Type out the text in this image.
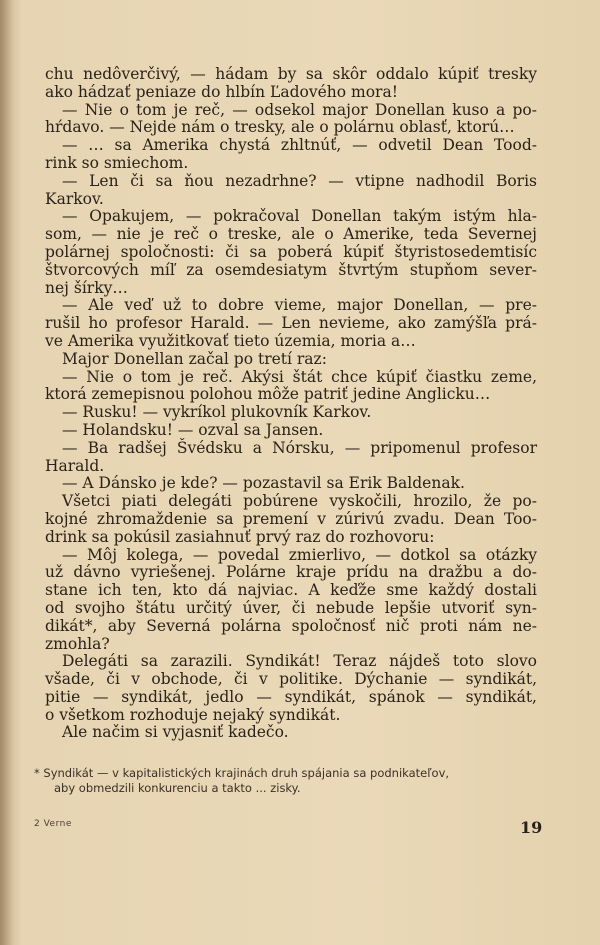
chu nedôverčivý, — hádam by sa skôr oddalo kúpiť tresky
ako hádzať peniaze do hlbín Ľadového mora!
— Nie o tom je reč, — odsekol major Donellan kuso a po-
hŕdavo. — Nejde nám o tresky, ale o polárnu oblasť, ktorú…
— … sa Amerika chystá zhltnúť, — odvetil Dean Tood-
rink so smiechom.
— Len či sa ňou nezadrhne? — vtipne nadhodil Boris
Karkov.
— Opakujem, — pokračoval Donellan takým istým hla-
som, — nie je reč o treske, ale o Amerike, teda Severnej
polárnej spoločnosti: či sa poberá kúpiť štyristosedemtisíc
štvorcových míľ za osemdesiatym štvrtým stupňom sever-
nej šírky…
— Ale veď už to dobre vieme, major Donellan, — pre-
rušil ho profesor Harald. — Len nevieme, ako zamýšľa prá-
ve Amerika využitkovať tieto územia, moria a…
Major Donellan začal po tretí raz:
— Nie o tom je reč. Akýsi štát chce kúpiť čiastku zeme,
ktorá zemepisnou polohou môže patriť jedine Anglicku…
— Rusku! — vykríkol plukovník Karkov.
— Holandsku! — ozval sa Jansen.
— Ba radšej Švédsku a Nórsku, — pripomenul profesor
Harald.
— A Dánsko je kde? — pozastavil sa Erik Baldenak.
Všetci piati delegáti pobúrene vyskočili, hrozilo, že po-
kojné zhromaždenie sa premení v zúrivú zvadu. Dean Too-
drink sa pokúsil zasiahnuť prvý raz do rozhovoru:
— Môj kolega, — povedal zmierlivo, — dotkol sa otázky
už dávno vyriešenej. Polárne kraje prídu na dražbu a do-
stane ich ten, kto dá najviac. A keďže sme každý dostali
od svojho štátu určitý úver, či nebude lepšie utvoriť syn-
dikát*, aby Severná polárna spoločnosť nič proti nám ne-
zmohla?
Delegáti sa zarazili. Syndikát! Teraz nájdeš toto slovo
všade, či v obchode, či v politike. Dýchanie — syndikát,
pitie — syndikát, jedlo — syndikát, spánok — syndikát,
o všetkom rozhoduje nejaký syndikát.
Ale načim si vyjasniť kadečo.
* Syndikát — v kapitalistických krajinách druh spájania sa podnikateľov,
aby obmedzili konkurenciu a takto ... zisky.
2 Verne	19
